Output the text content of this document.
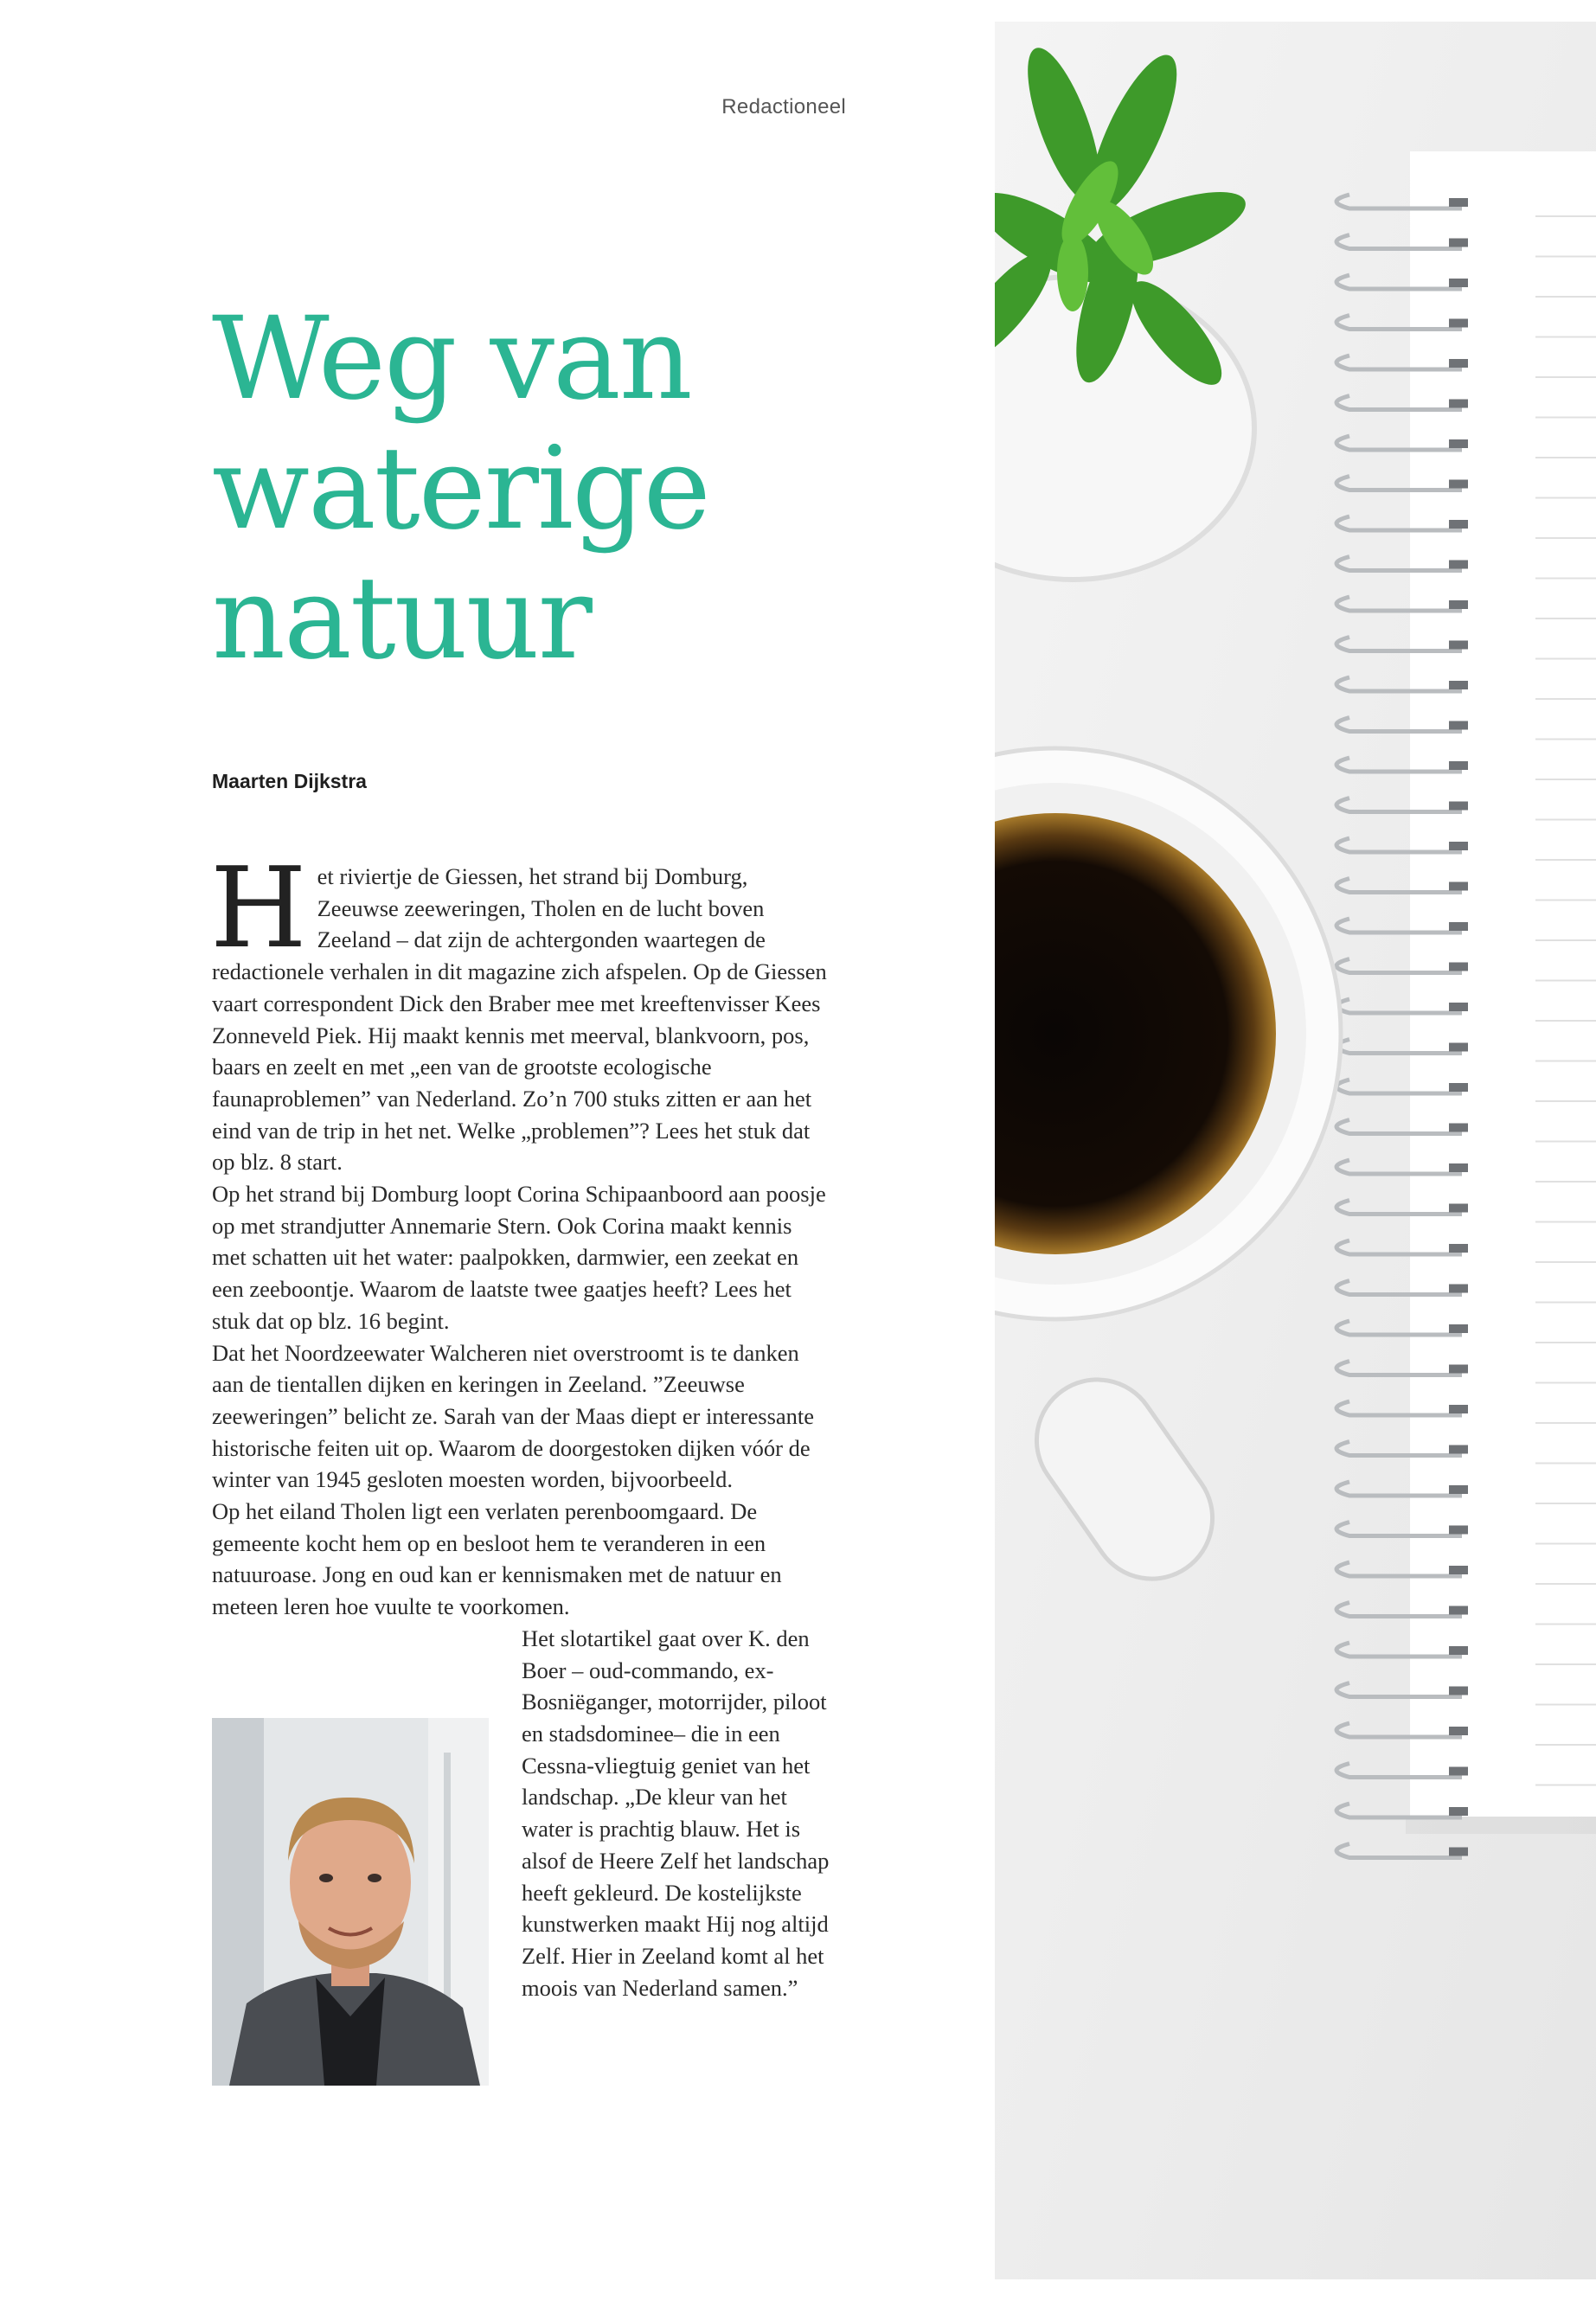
Redactioneel
Weg van
waterige
natuur
Maarten Dijkstra

Het riviertje de Giessen, het strand bij Domburg, Zeeuwse zeeweringen, Tholen en de lucht boven Zeeland – dat zijn de achtergonden waartegen de redactionele verhalen in dit magazine zich afspelen. Op de Giessen vaart correspondent Dick den Braber mee met kreeftenvisser Kees Zonneveld Piek. Hij maakt kennis met meerval, blankvoorn, pos, baars en zeelt en met „een van de grootste ecologische faunaproblemen” van Nederland. Zo’n 700 stuks zitten er aan het eind van de trip in het net. Welke „problemen”? Lees het stuk dat op blz. 8 start.

Op het strand bij Domburg loopt Corina Schipaanboord aan poosje op met strandjutter Annemarie Stern. Ook Corina maakt kennis met schatten uit het water: paalpokken, darmwier, een zeekat en een zeeboontje. Waarom de laatste twee gaatjes heeft? Lees het stuk dat op blz. 16 begint.

Dat het Noordzeewater Walcheren niet overstroomt is te danken aan de tientallen dijken en keringen in Zeeland. ”Zeeuwse zeeweringen” belicht ze. Sarah van der Maas diept er interessante historische feiten uit op. Waarom de doorgestoken dijken vóór de winter van 1945 gesloten moesten worden, bijvoorbeeld.

Op het eiland Tholen ligt een verlaten perenboomgaard. De gemeente kocht hem op en besloot hem te veranderen in een natuuroase. Jong en oud kan er kennismaken met de natuur en meteen leren hoe vuulte te voorkomen.

Het slotartikel gaat over K. den Boer – oud-commando, ex-Bosniëganger, motorrijder, piloot en stadsdominee– die in een Cessna-vliegtuig geniet van het landschap. „De kleur van het water is prachtig blauw. Het is alsof de Heere Zelf het landschap heeft gekleurd. De kostelijkste kunstwerken maakt Hij nog altijd Zelf. Hier in Zeeland komt al het moois van Nederland samen.”
